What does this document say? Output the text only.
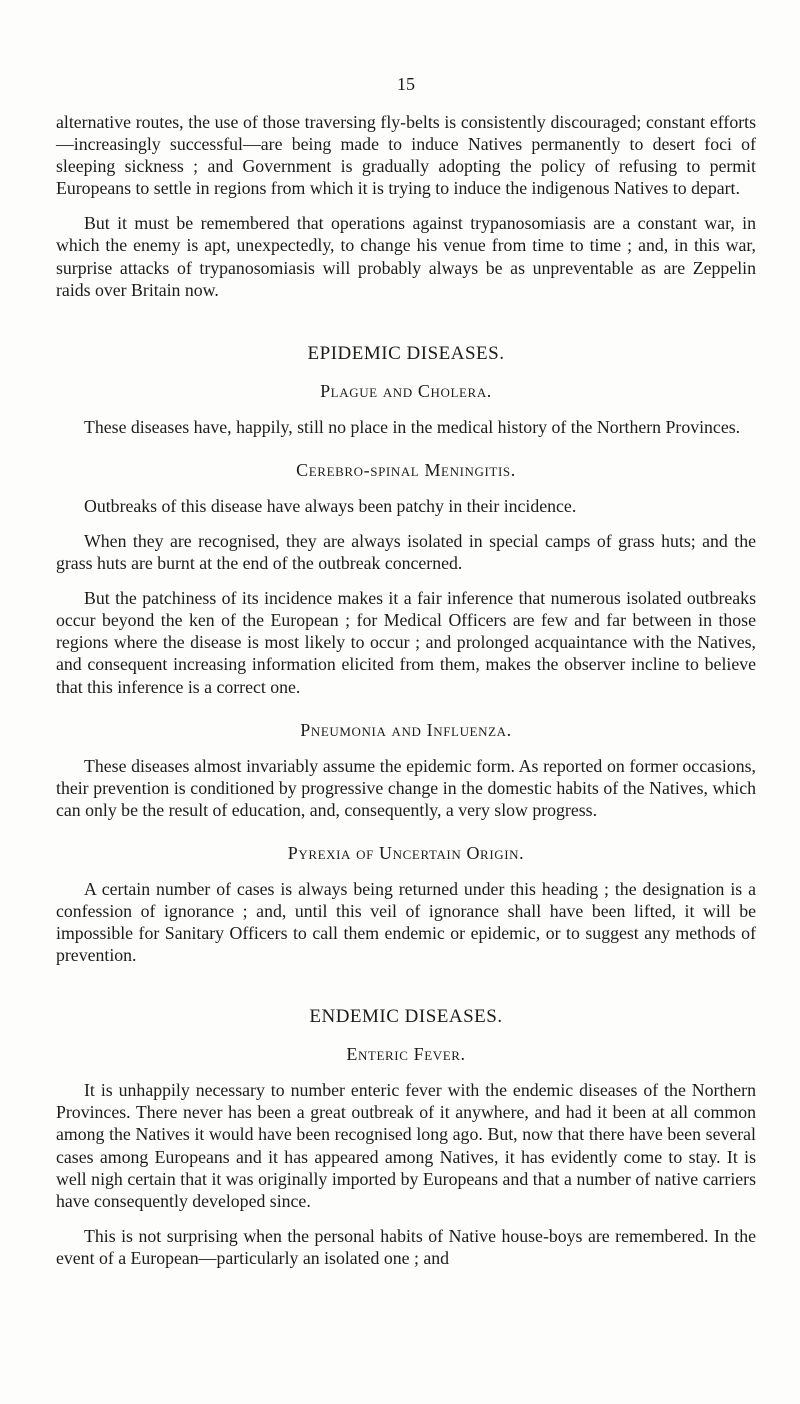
15

alternative routes, the use of those traversing fly-belts is consistently discouraged; constant efforts—increasingly successful—are being made to induce Natives permanently to desert foci of sleeping sickness ; and Government is gradually adopting the policy of refusing to permit Europeans to settle in regions from which it is trying to induce the indigenous Natives to depart.

But it must be remembered that operations against trypanosomiasis are a constant war, in which the enemy is apt, unexpectedly, to change his venue from time to time ; and, in this war, surprise attacks of trypanosomiasis will probably always be as unpreventable as are Zeppelin raids over Britain now.

EPIDEMIC DISEASES.
Plague and Cholera.

These diseases have, happily, still no place in the medical history of the Northern Provinces.

Cerebro-spinal Meningitis.

Outbreaks of this disease have always been patchy in their incidence.

When they are recognised, they are always isolated in special camps of grass huts; and the grass huts are burnt at the end of the outbreak concerned.

But the patchiness of its incidence makes it a fair inference that numerous isolated outbreaks occur beyond the ken of the European ; for Medical Officers are few and far between in those regions where the disease is most likely to occur ; and prolonged acquaintance with the Natives, and consequent increasing information elicited from them, makes the observer incline to believe that this inference is a correct one.

Pneumonia and Influenza.

These diseases almost invariably assume the epidemic form. As reported on former occasions, their prevention is conditioned by progressive change in the domestic habits of the Natives, which can only be the result of education, and, consequently, a very slow progress.

Pyrexia of Uncertain Origin.

A certain number of cases is always being returned under this heading ; the designation is a confession of ignorance ; and, until this veil of ignorance shall have been lifted, it will be impossible for Sanitary Officers to call them endemic or epidemic, or to suggest any methods of prevention.

ENDEMIC DISEASES.
Enteric Fever.

It is unhappily necessary to number enteric fever with the endemic diseases of the Northern Provinces. There never has been a great outbreak of it anywhere, and had it been at all common among the Natives it would have been recognised long ago. But, now that there have been several cases among Europeans and it has appeared among Natives, it has evidently come to stay. It is well nigh certain that it was originally imported by Europeans and that a number of native carriers have consequently developed since.

This is not surprising when the personal habits of Native house-boys are remembered. In the event of a European—particularly an isolated one ; and
